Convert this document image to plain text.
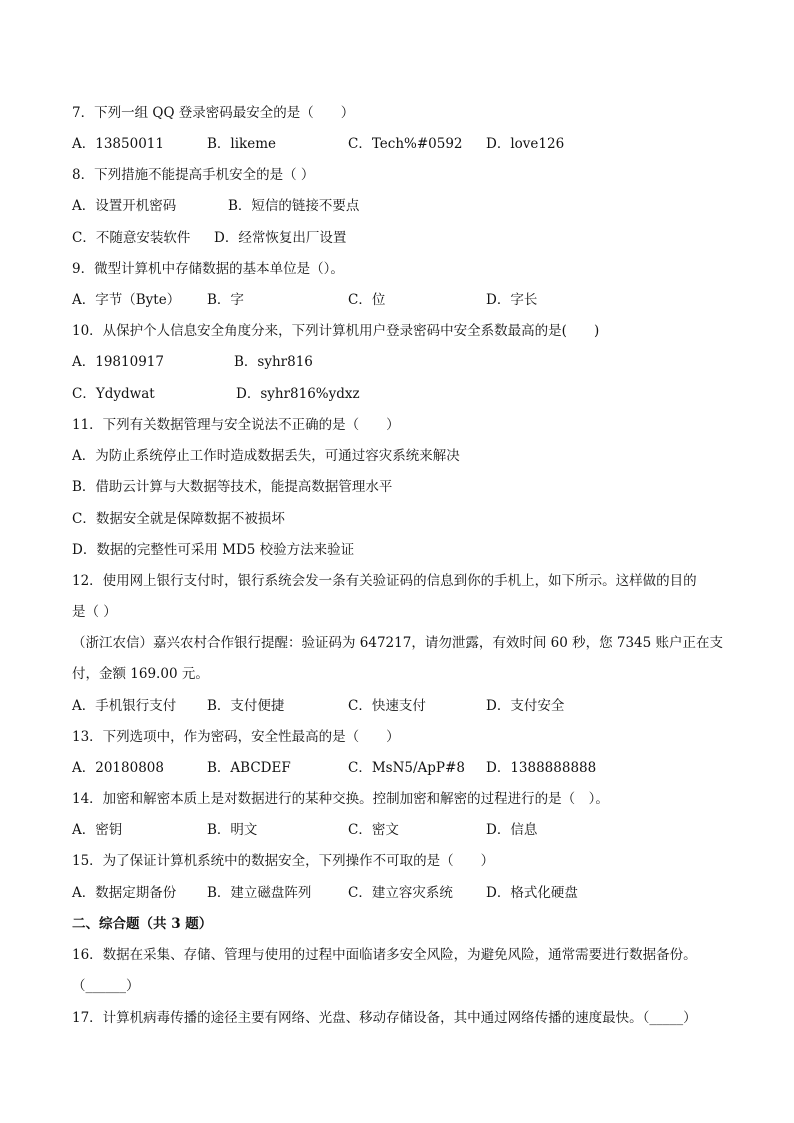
7．下列一组 QQ 登录密码最安全的是（　　）
A．13850011	B．likeme	C．Tech%#0592 D．love126
8．下列措施不能提高手机安全的是（ ）
A．设置开机密码	B．短信的链接不要点
C．不随意安装软件 D．经常恢复出厂设置
9．微型计算机中存储数据的基本单位是（）。
A．字节（Byte） B．字	C．位	D．字长
10．从保护个人信息安全角度分来，下列计算机用户登录密码中安全系数最高的是(　　)
A．19810917	B．syhr816
C．Ydydwat	D．syhr816%ydxz
11．下列有关数据管理与安全说法不正确的是（　　）
A．为防止系统停止工作时造成数据丢失，可通过容灾系统来解决
B．借助云计算与大数据等技术，能提高数据管理水平
C．数据安全就是保障数据不被损坏
D．数据的完整性可采用 MD5 校验方法来验证
12．使用网上银行支付时，银行系统会发一条有关验证码的信息到你的手机上，如下所示。这样做的目的
是（ ）
（浙江农信）嘉兴农村合作银行提醒：验证码为 647217，请勿泄露，有效时间 60 秒，您 7345 账户正在支
付，金额 169.00 元。
A．手机银行支付 B．支付便捷	C．快速支付	D．支付安全
13．下列选项中，作为密码，安全性最高的是（　　）
A．20180808	B．ABCDEF	C．MsN5/ApP#8 D．1388888888
14．加密和解密本质上是对数据进行的某种交换。控制加密和解密的过程进行的是（　）。
A．密钥	B．明文	C．密文	D．信息
15．为了保证计算机系统中的数据安全，下列操作不可取的是（　　）
A．数据定期备份 B．建立磁盘阵列	C．建立容灾系统 D．格式化硬盘
二、综合题（共 3 题）
16．数据在采集、存储、管理与使用的过程中面临诸多安全风险，为避免风险，通常需要进行数据备份。
（______）
17．计算机病毒传播的途径主要有网络、光盘、移动存储设备，其中通过网络传播的速度最快。（_____）
